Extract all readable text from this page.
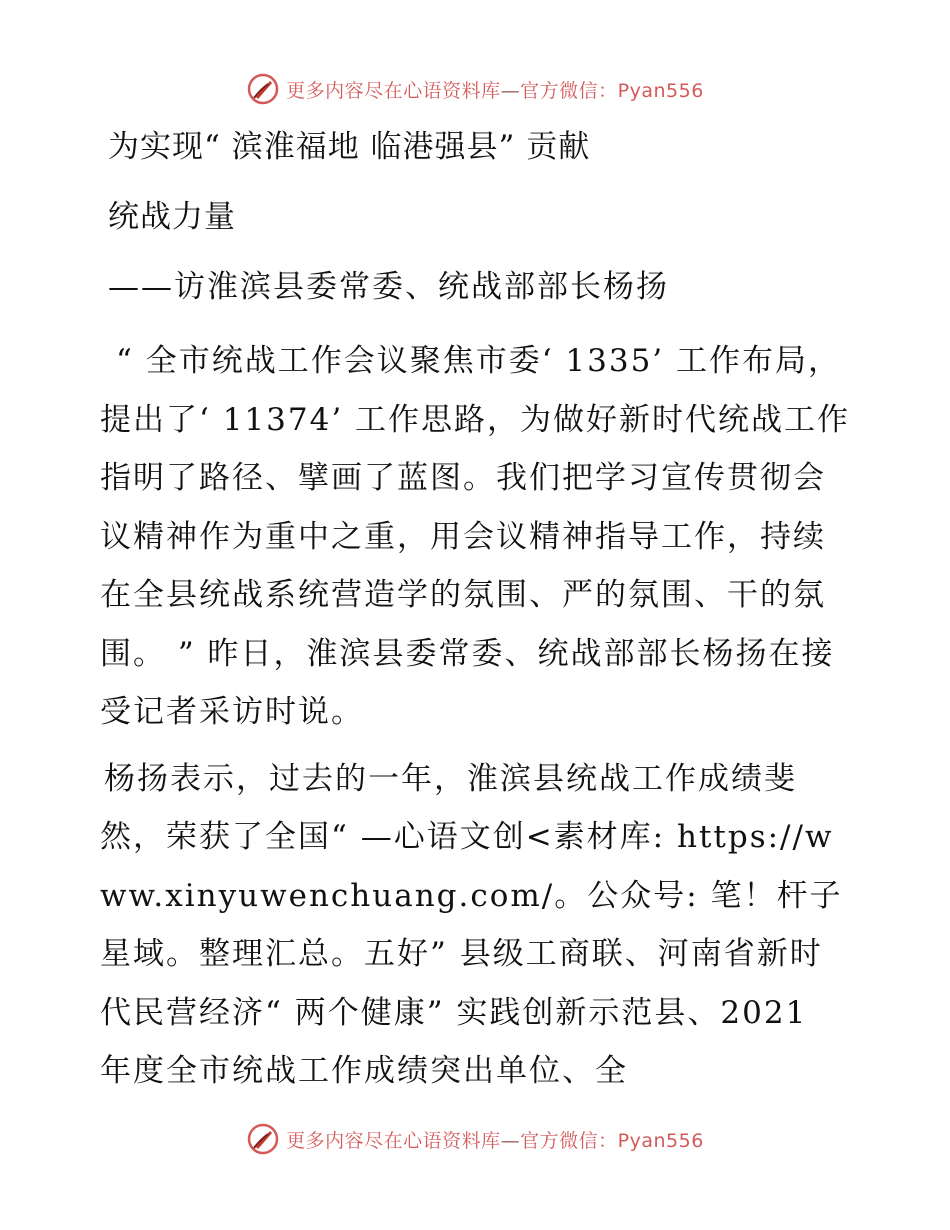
更多内容尽在心语资料库—官方微信：Pyan556
为实现“ 滨淮福地 临港强县” 贡献
统战力量
——访淮滨县委常委、统战部部长杨扬

“ 全市统战工作会议聚焦市委‘ 1335’ 工作布局，提出了‘ 11374’ 工作思路，为做好新时代统战工作指明了路径、擘画了蓝图。我们把学习宣传贯彻会议精神作为重中之重，用会议精神指导工作，持续在全县统战系统营造学的氛围、严的氛围、干的氛围。 ” 昨日，淮滨县委常委、统战部部长杨扬在接受记者采访时说。

杨扬表示，过去的一年，淮滨县统战工作成绩斐然，荣获了全国“ —心语文创<素材库: https://www.xinyuwenchuang.com/。公众号: 笔！杆子星域。整理汇总。五好” 县级工商联、河南省新时代民营经济“ 两个健康” 实践创新示范县、2021 年度全市统战工作成绩突出单位、全

更多内容尽在心语资料库—官方微信：Pyan556
